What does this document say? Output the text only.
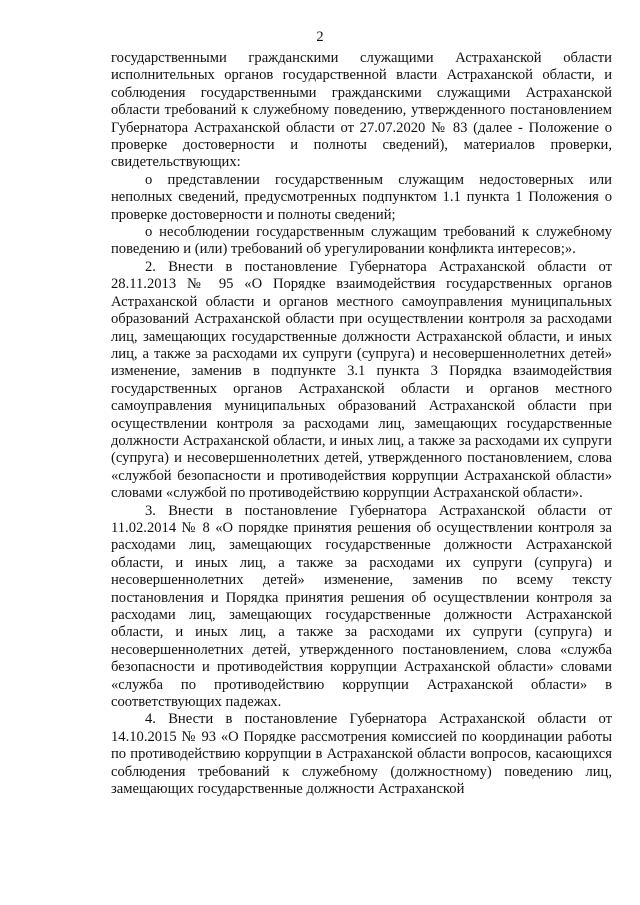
2

государственными гражданскими служащими Астраханской области исполнительных органов государственной власти Астраханской области, и соблюдения государственными гражданскими служащими Астраханской области требований к служебному поведению, утвержденного постановлением Губернатора Астраханской области от 27.07.2020 № 83 (далее - Положение о проверке достоверности и полноты сведений), материалов проверки, свидетельствующих:

о представлении государственным служащим недостоверных или неполных сведений, предусмотренных подпунктом 1.1 пункта 1 Положения о проверке достоверности и полноты сведений;

о несоблюдении государственным служащим требований к служебному поведению и (или) требований об урегулировании конфликта интересов;».

2. Внести в постановление Губернатора Астраханской области от 28.11.2013 № 95 «О Порядке взаимодействия государственных органов Астраханской области и органов местного самоуправления муниципальных образований Астраханской области при осуществлении контроля за расходами лиц, замещающих государственные должности Астраханской области, и иных лиц, а также за расходами их супруги (супруга) и несовершеннолетних детей» изменение, заменив в подпункте 3.1 пункта 3 Порядка взаимодействия государственных органов Астраханской области и органов местного самоуправления муниципальных образований Астраханской области при осуществлении контроля за расходами лиц, замещающих государственные должности Астраханской области, и иных лиц, а также за расходами их супруги (супруга) и несовершеннолетних детей, утвержденного постановлением, слова «службой безопасности и противодействия коррупции Астраханской области» словами «службой по противодействию коррупции Астраханской области».

3. Внести в постановление Губернатора Астраханской области от 11.02.2014 № 8 «О порядке принятия решения об осуществлении контроля за расходами лиц, замещающих государственные должности Астраханской области, и иных лиц, а также за расходами их супруги (супруга) и несовершеннолетних детей» изменение, заменив по всему тексту постановления и Порядка принятия решения об осуществлении контроля за расходами лиц, замещающих государственные должности Астраханской области, и иных лиц, а также за расходами их супруги (супруга) и несовершеннолетних детей, утвержденного постановлением, слова «служба безопасности и противодействия коррупции Астраханской области» словами «служба по противодействию коррупции Астраханской области» в соответствующих падежах.

4. Внести в постановление Губернатора Астраханской области от 14.10.2015 № 93 «О Порядке рассмотрения комиссией по координации работы по противодействию коррупции в Астраханской области вопросов, касающихся соблюдения требований к служебному (должностному) поведению лиц, замещающих государственные должности Астраханской
